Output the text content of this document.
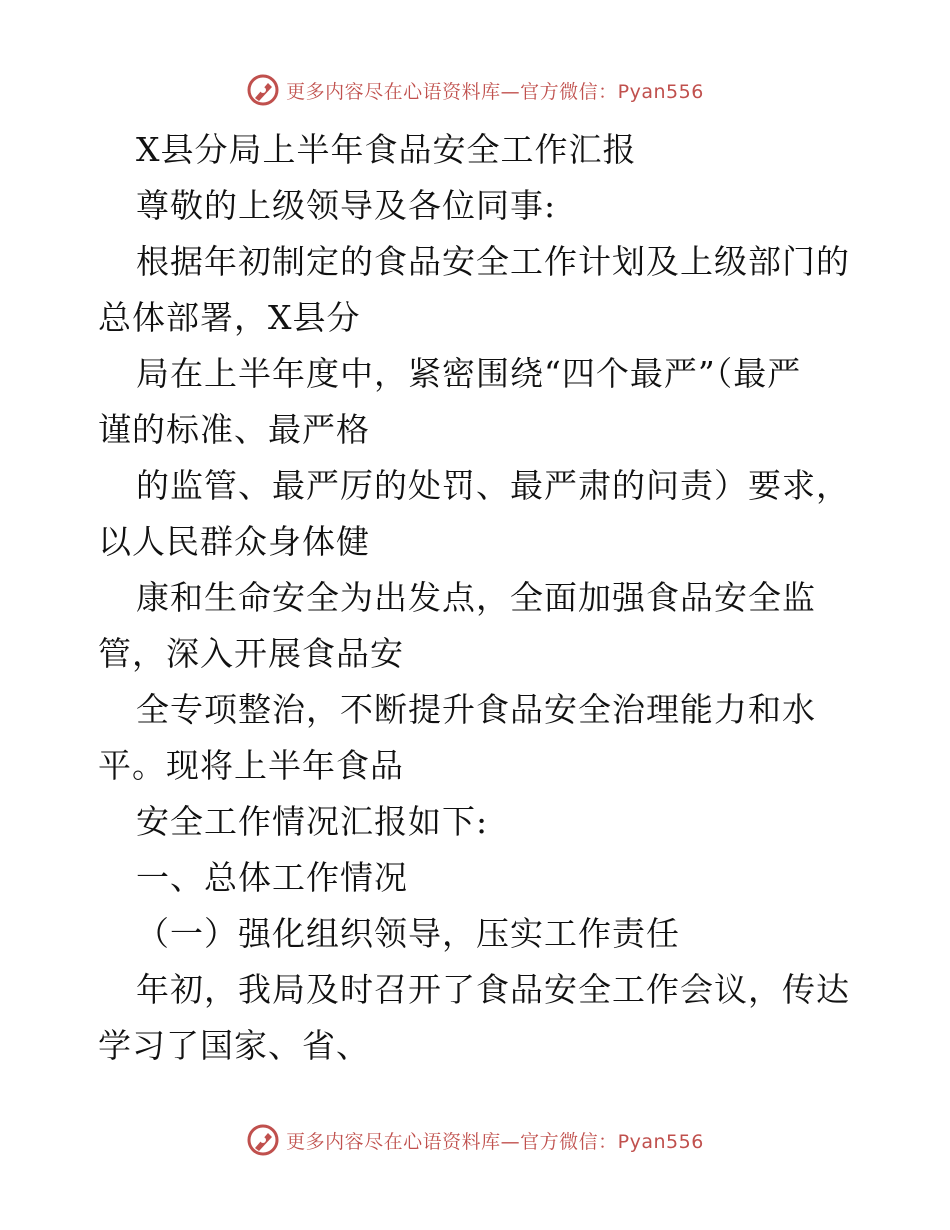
更多内容尽在心语资料库—官方微信：Pyan556
X县分局上半年食品安全工作汇报
尊敬的上级领导及各位同事:
根据年初制定的食品安全工作计划及上级部门的
总体部署，X县分
局在上半年度中，紧密围绕“四个最严”（最严
谨的标准、最严格
的监管、最严厉的处罚、最严肃的问责）要求，
以人民群众身体健
康和生命安全为出发点，全面加强食品安全监
管，深入开展食品安
全专项整治，不断提升食品安全治理能力和水
平。现将上半年食品
安全工作情况汇报如下:
一、总体工作情况
（一）强化组织领导，压实工作责任
年初，我局及时召开了食品安全工作会议，传达
学习了国家、省、
更多内容尽在心语资料库—官方微信：Pyan556
